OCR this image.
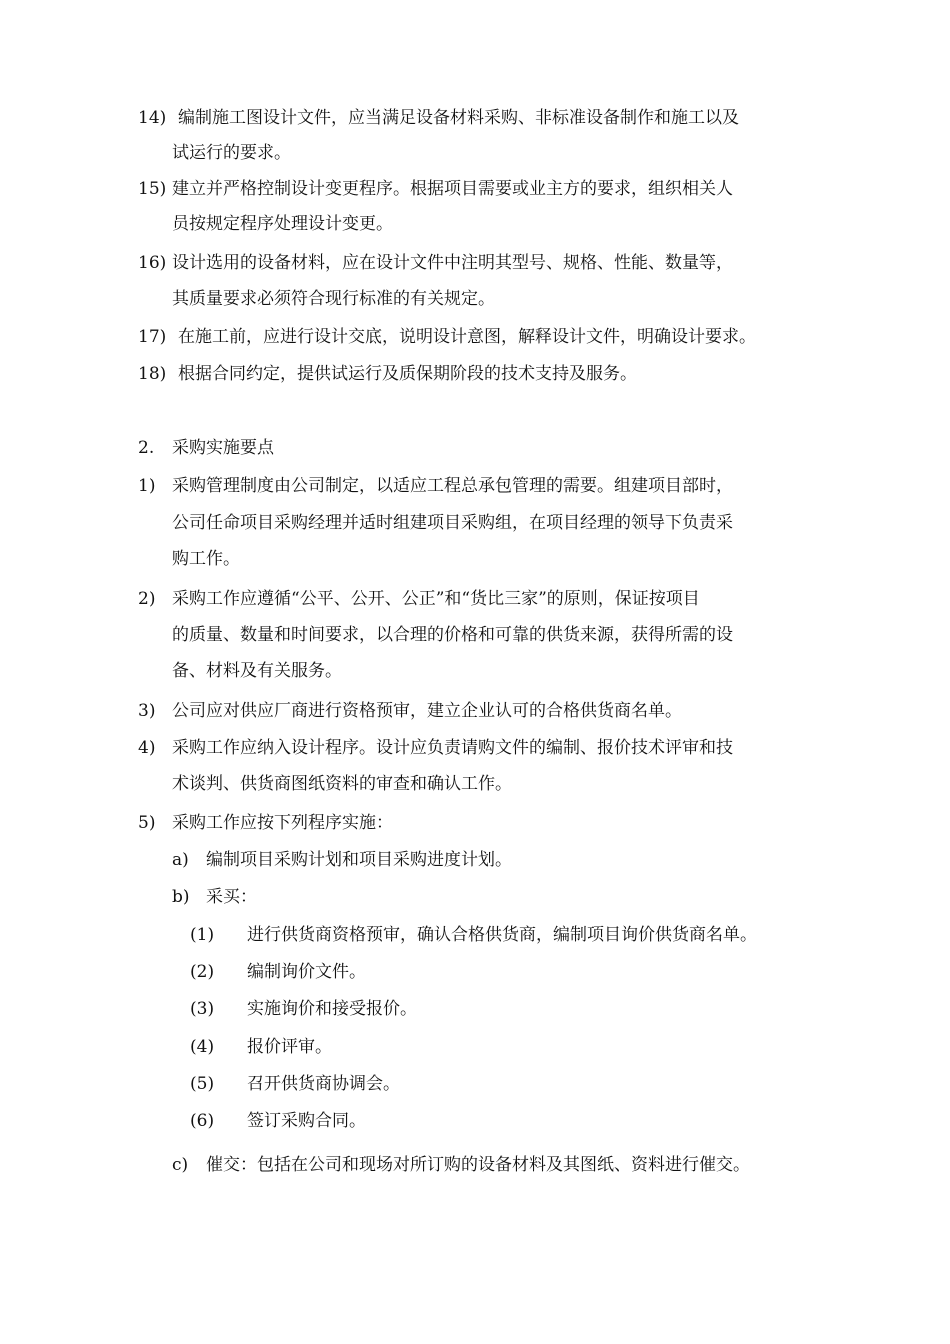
14) 编制施工图设计文件，应当满足设备材料采购、非标准设备制作和施工以及
试运行的要求。
15) 建立并严格控制设计变更程序。根据项目需要或业主方的要求，组织相关人
员按规定程序处理设计变更。
16) 设计选用的设备材料，应在设计文件中注明其型号、规格、性能、数量等，
其质量要求必须符合现行标准的有关规定。
17) 在施工前，应进行设计交底，说明设计意图，解释设计文件，明确设计要求。
18) 根据合同约定，提供试运行及质保期阶段的技术支持及服务。
2. 采购实施要点
1) 采购管理制度由公司制定，以适应工程总承包管理的需要。组建项目部时，
公司任命项目采购经理并适时组建项目采购组，在项目经理的领导下负责采
购工作。
2) 采购工作应遵循“公平、公开、公正”和“货比三家”的原则，保证按项目
的质量、数量和时间要求，以合理的价格和可靠的供货来源，获得所需的设
备、材料及有关服务。
3) 公司应对供应厂商进行资格预审，建立企业认可的合格供货商名单。
4) 采购工作应纳入设计程序。设计应负责请购文件的编制、报价技术评审和技
术谈判、供货商图纸资料的审查和确认工作。
5) 采购工作应按下列程序实施：
a) 编制项目采购计划和项目采购进度计划。
b) 采买：
(1) 进行供货商资格预审，确认合格供货商，编制项目询价供货商名单。
(2) 编制询价文件。
(3) 实施询价和接受报价。
(4) 报价评审。
(5) 召开供货商协调会。
(6) 签订采购合同。
c) 催交：包括在公司和现场对所订购的设备材料及其图纸、资料进行催交。
